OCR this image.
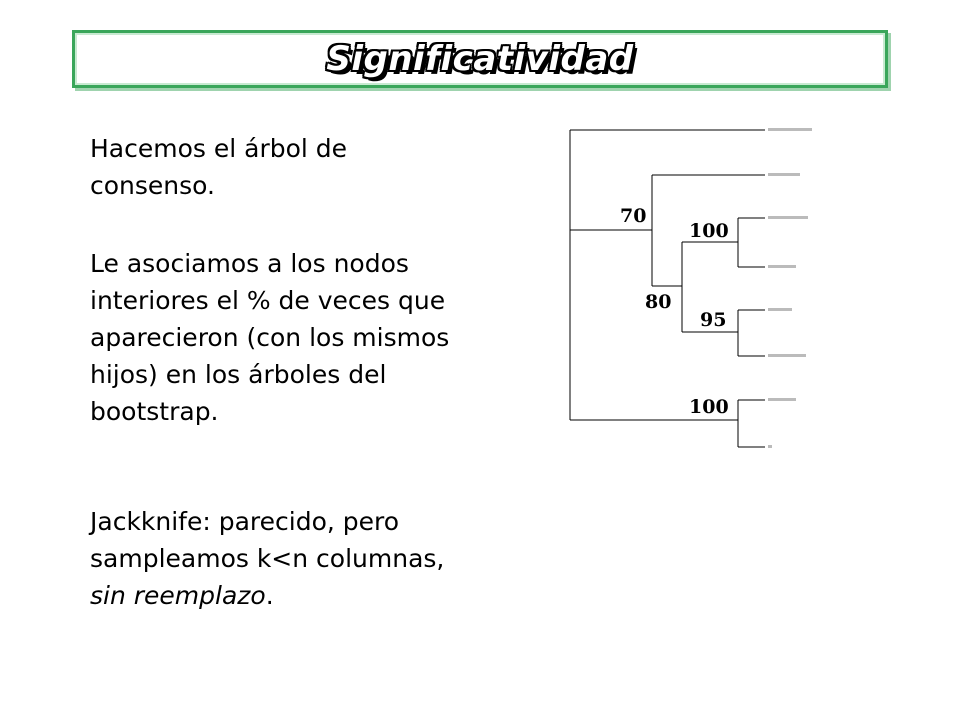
Significatividad
Hacemos el árbol de consenso.
Le asociamos a los nodos interiores el % de veces que aparecieron (con los mismos hijos) en los árboles del bootstrap.
Jackknife: parecido, pero sampleamos k<n columnas, sin reemplazo.
70
100
80
95
100
